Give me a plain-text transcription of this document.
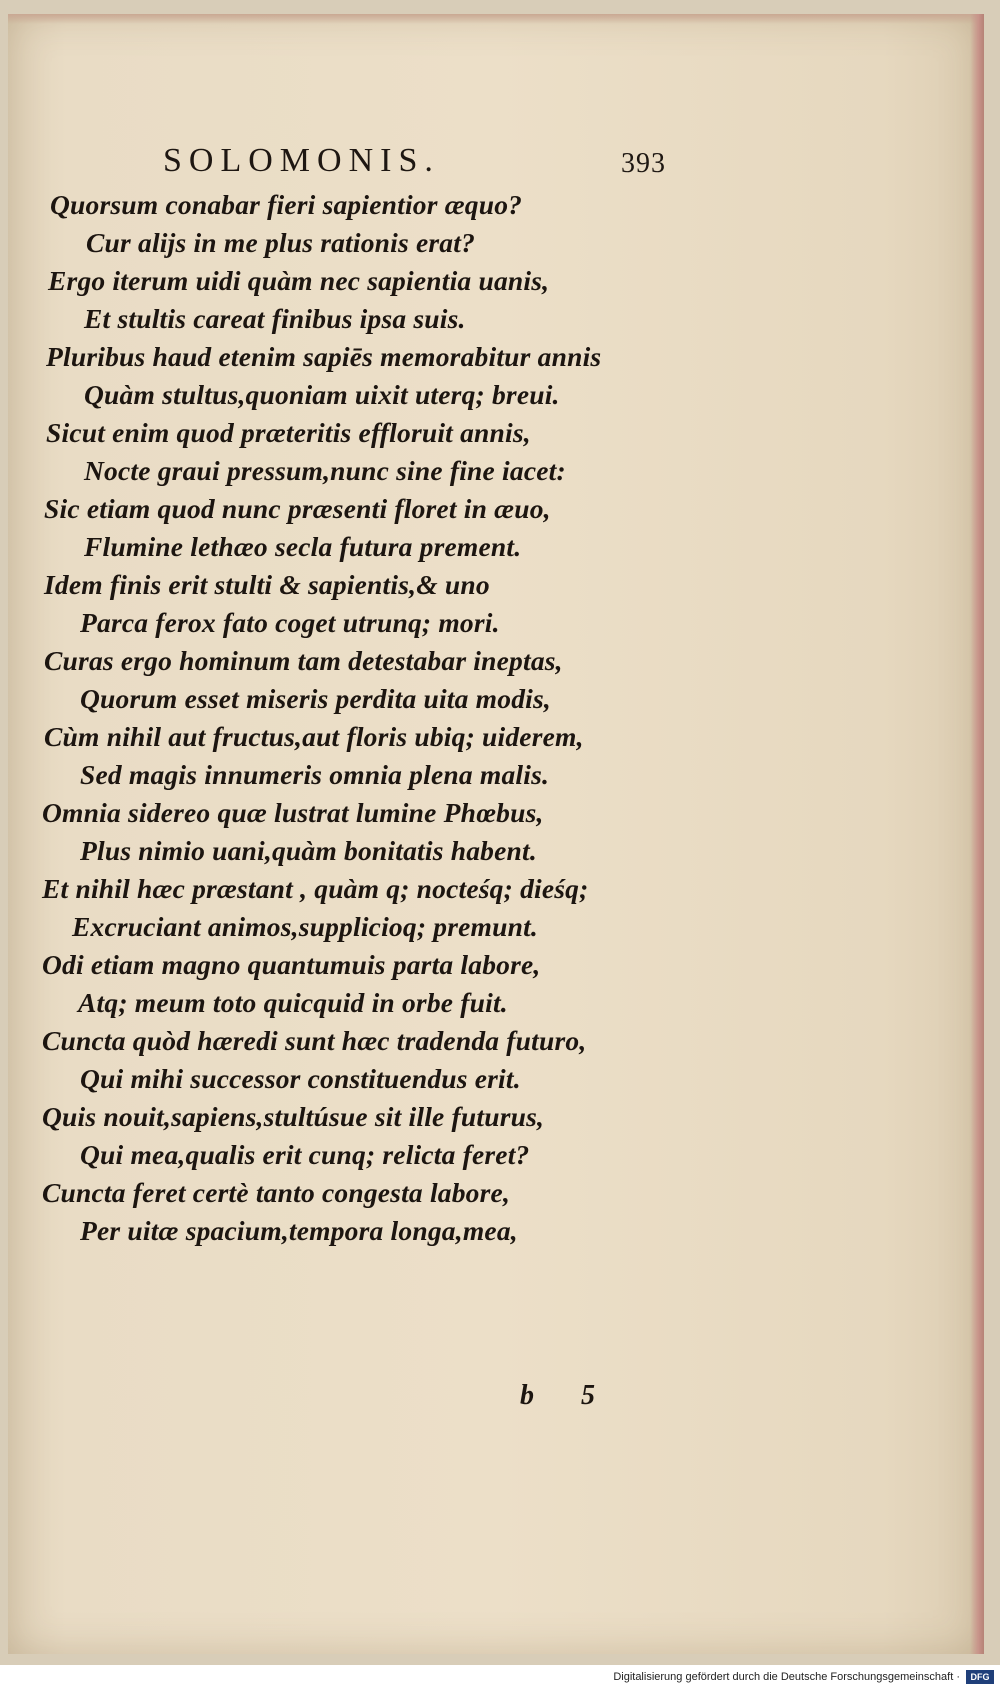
SOLOMONIS.	393
Quorsum conabar fieri sapientior æquo?
Cur alijs in me plus rationis erat?
Ergo iterum uidi quàm nec sapientia uanis,
Et stultis careat finibus ipsa suis.
Pluribus haud etenim sapiēs memorabitur annis
Quàm stultus,quoniam uixit uterq; breui.
Sicut enim quod præteritis effloruit annis,
Nocte graui pressum,nunc sine fine iacet:
Sic etiam quod nunc præsenti floret in æuo,
Flumine lethæo secla futura prement.
Idem finis erit stulti & sapientis,& uno
Parca ferox fato coget utrunq; mori.
Curas ergo hominum tam detestabar ineptas,
Quorum esset miseris perdita uita modis,
Cùm nihil aut fructus,aut floris ubiq; uiderem,
Sed magis innumeris omnia plena malis.
Omnia sidereo quæ lustrat lumine Phœbus,
Plus nimio uani,quàm bonitatis habent.
Et nihil hæc præstant , quàm q; nocteśq; dieśq;
Excruciant animos,supplicioq; premunt.
Odi etiam magno quantumuis parta labore,
Atq; meum toto quicquid in orbe fuit.
Cuncta quòd hæredi sunt hæc tradenda futuro,
Qui mihi successor constituendus erit.
Quis nouit,sapiens,stultúsue sit ille futurus,
Qui mea,qualis erit cunq; relicta feret?
Cuncta feret certè tanto congesta labore,
Per uitæ spacium,tempora longa,mea,
b 5
Digitalisierung gefördert durch die Deutsche Forschungsgemeinschaft ·	DFG
